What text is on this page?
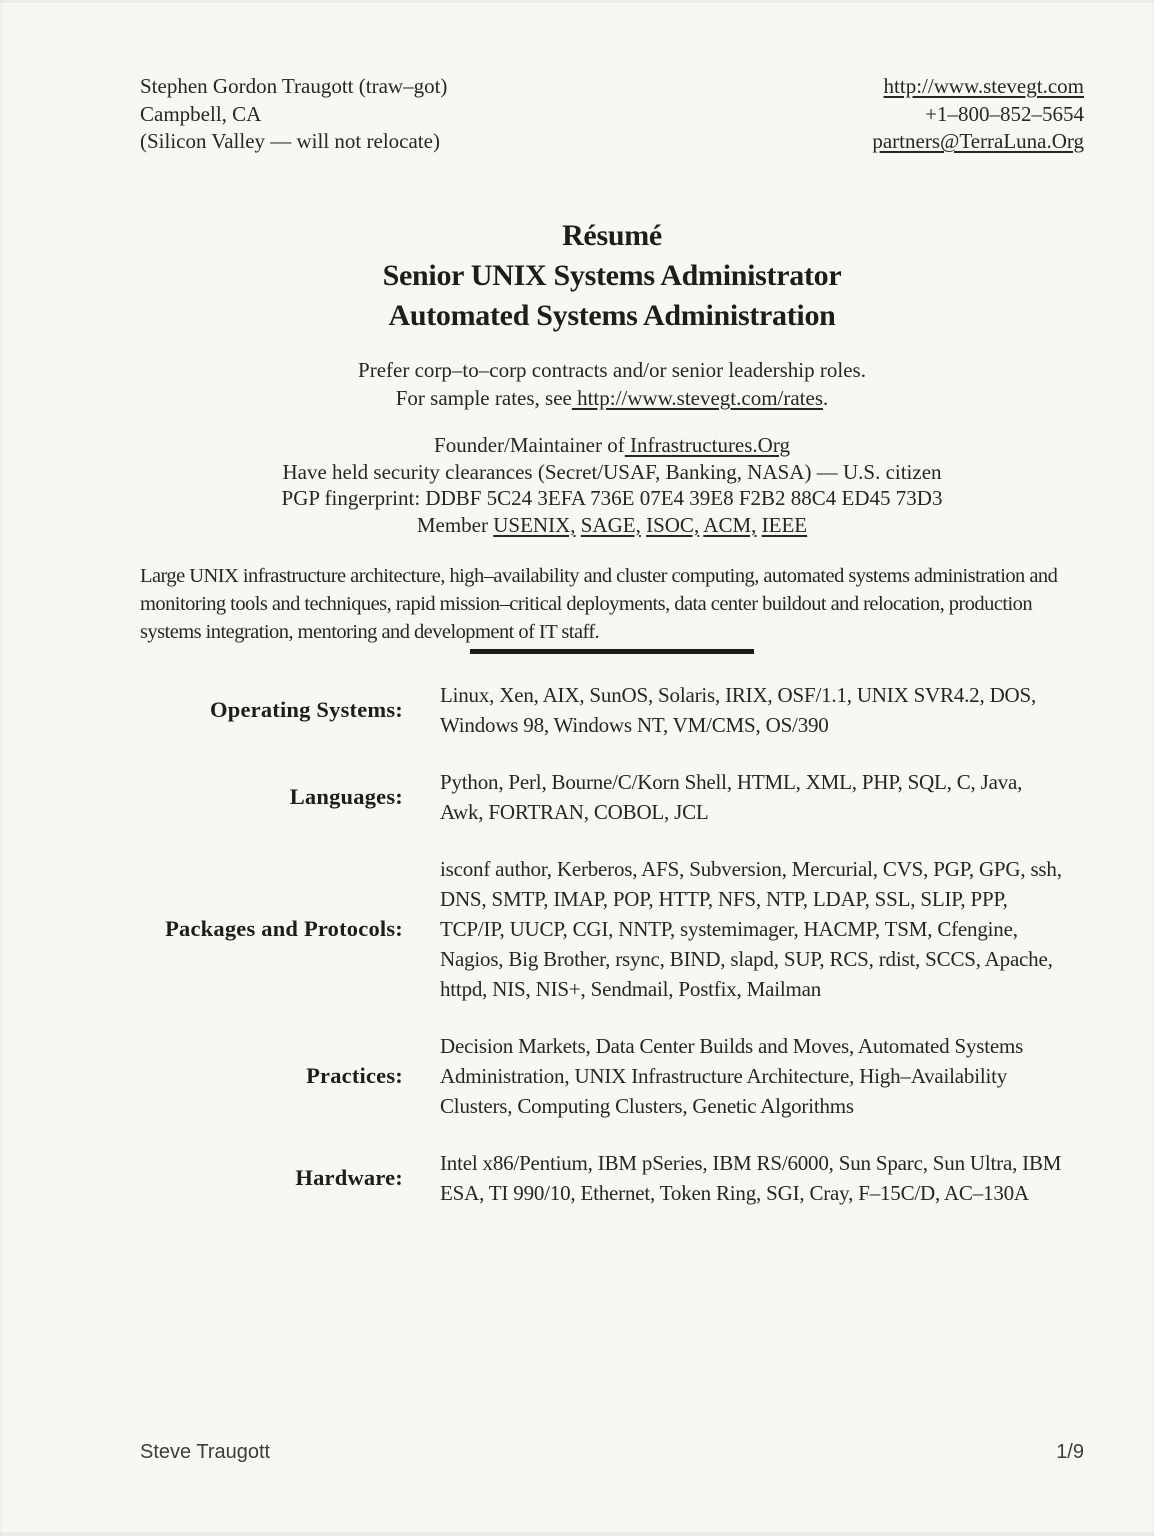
Stephen Gordon Traugott (traw–got)
Campbell, CA
(Silicon Valley –– will not relocate)
http://www.stevegt.com
+1–800–852–5654
partners@TerraLuna.Org
Résumé
Senior UNIX Systems Administrator
Automated Systems Administration
Prefer corp–to–corp contracts and/or senior leadership roles.
For sample rates, see http://www.stevegt.com/rates.
Founder/Maintainer of Infrastructures.Org
Have held security clearances (Secret/USAF, Banking, NASA) –– U.S. citizen
PGP fingerprint: DDBF 5C24 3EFA 736E 07E4 39E8 F2B2 88C4 ED45 73D3
Member USENIX, SAGE, ISOC, ACM, IEEE
Large UNIX infrastructure architecture, high–availability and cluster computing, automated systems administration and monitoring tools and techniques, rapid mission–critical deployments, data center buildout and relocation, production systems integration, mentoring and development of IT staff.
Operating Systems:
Linux, Xen, AIX, SunOS, Solaris, IRIX, OSF/1.1, UNIX SVR4.2, DOS, Windows 98, Windows NT, VM/CMS, OS/390
Languages:
Python, Perl, Bourne/C/Korn Shell, HTML, XML, PHP, SQL, C, Java, Awk, FORTRAN, COBOL, JCL
Packages and Protocols:
isconf author, Kerberos, AFS, Subversion, Mercurial, CVS, PGP, GPG, ssh, DNS, SMTP, IMAP, POP, HTTP, NFS, NTP, LDAP, SSL, SLIP, PPP, TCP/IP, UUCP, CGI, NNTP, systemimager, HACMP, TSM, Cfengine, Nagios, Big Brother, rsync, BIND, slapd, SUP, RCS, rdist, SCCS, Apache, httpd, NIS, NIS+, Sendmail, Postfix, Mailman
Practices:
Decision Markets, Data Center Builds and Moves, Automated Systems Administration, UNIX Infrastructure Architecture, High–Availability Clusters, Computing Clusters, Genetic Algorithms
Hardware:
Intel x86/Pentium, IBM pSeries, IBM RS/6000, Sun Sparc, Sun Ultra, IBM ESA, TI 990/10, Ethernet, Token Ring, SGI, Cray, F–15C/D, AC–130A
Steve Traugott	1/9
